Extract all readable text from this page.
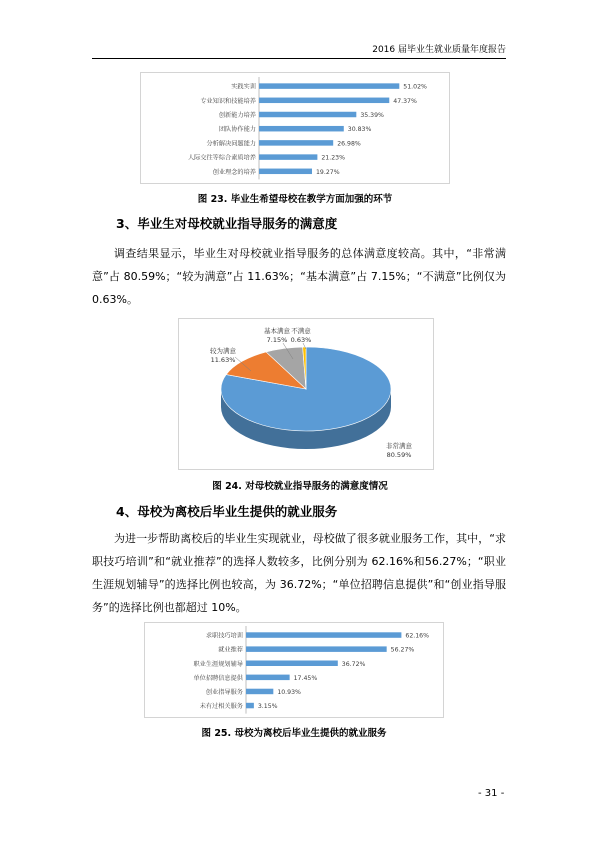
2016 届毕业生就业质量年度报告
实践实训	51.02%
专业知识和技能培养	47.37%
创新能力培养	35.39%
团队协作能力	30.83%
分析解决问题能力	26.98%
人际交往等综合素质培养	21.23%
创业理念的培养	19.27%
图 23. 毕业生希望母校在教学方面加强的环节
3、毕业生对母校就业指导服务的满意度

调查结果显示，毕业生对母校就业指导服务的总体满意度较高。其中，“非常满意”占 80.59%；“较为满意”占 11.63%；“基本满意”占 7.15%；“不满意”比例仅为 0.63%。

非常满意
80.59%
较为满意
11.63%
基本满意
7.15%
不满意
0.63%
图 24. 对母校就业指导服务的满意度情况
4、母校为离校后毕业生提供的就业服务

为进一步帮助离校后的毕业生实现就业，母校做了很多就业服务工作，其中，“求职技巧培训”和“就业推荐”的选择人数较多，比例分别为 62.16%和56.27%；“职业生涯规划辅导”的选择比例也较高，为 36.72%；“单位招聘信息提供”和“创业指导服务”的选择比例也都超过 10%。

求职技巧培训	62.16%
就业推荐	56.27%
职业生涯规划辅导	36.72%
单位招聘信息提供	17.45%
创业指导服务	10.93%
未有过相关服务 3.15%
图 25. 母校为离校后毕业生提供的就业服务
- 31 -
